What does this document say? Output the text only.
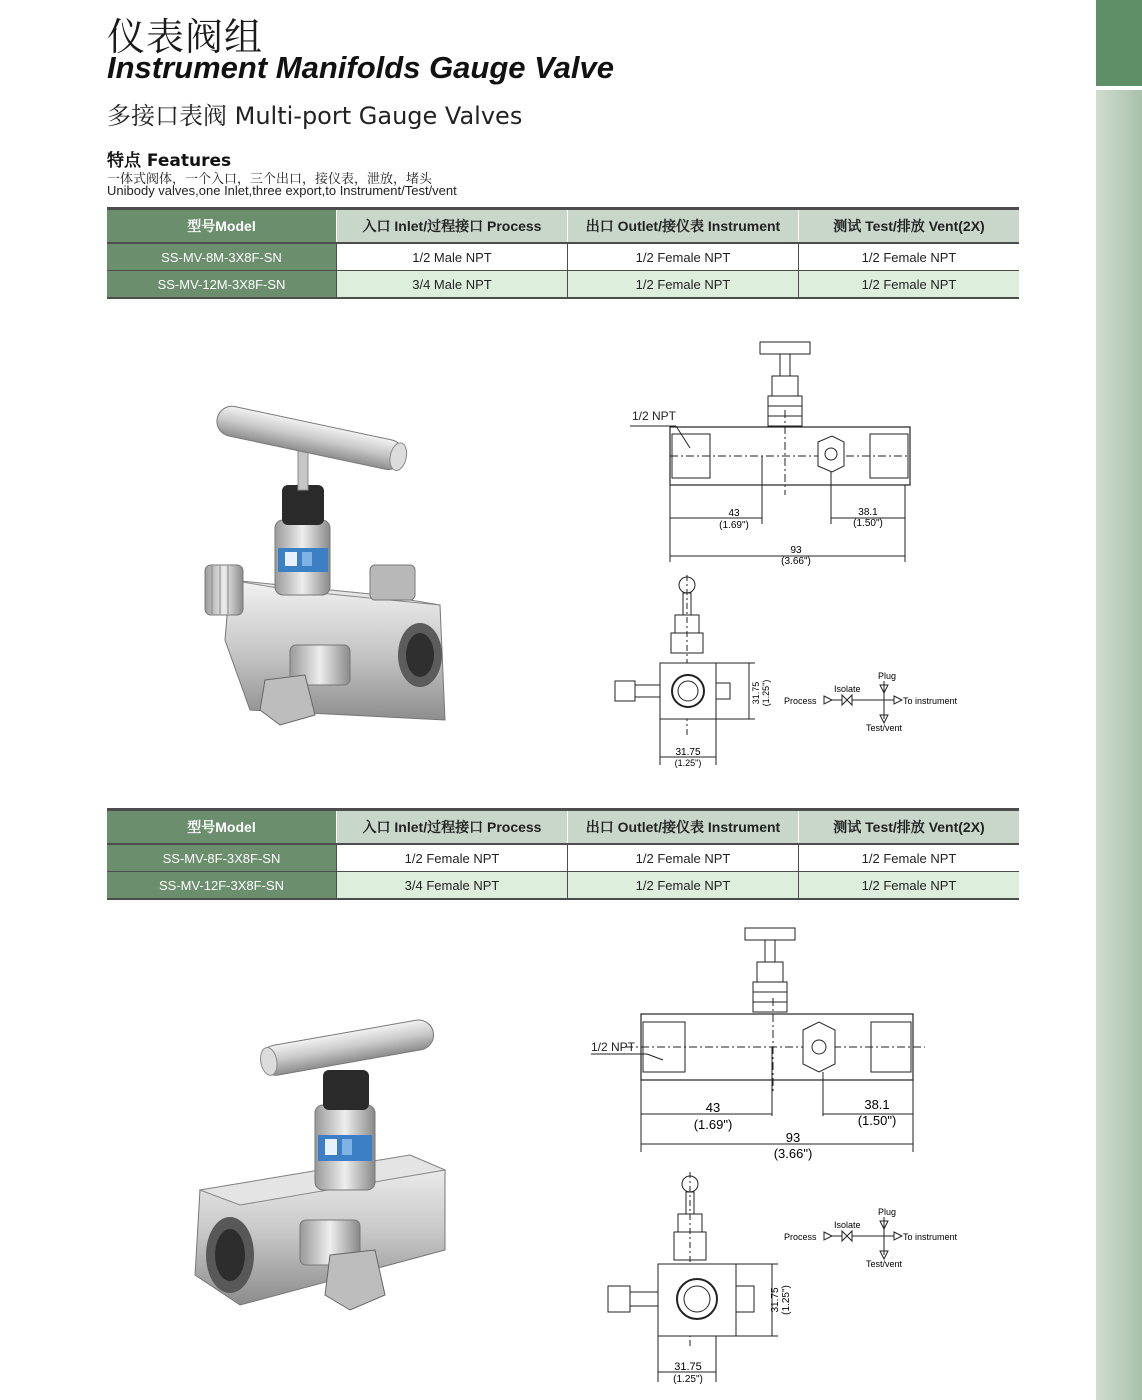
仪表阀组
Instrument Manifolds Gauge Valve
多接口表阀 Multi-port Gauge Valves
特点 Features
一体式阀体，一个入口，三个出口，接仪表，泄放，堵头
Unibody valves,one Inlet,three export,to Instrument/Test/vent
型号Model	入口 Inlet/过程接口 Process	出口 Outlet/接仪表 Instrument	测试 Test/排放 Vent(2X)
SS-MV-8M-3X8F-SN	1/2 Male NPT	1/2 Female NPT	1/2 Female NPT
SS-MV-12M-3X8F-SN	3/4 Male NPT	1/2 Female NPT	1/2 Female NPT
1/2 NPT
43
(1.69")
38.1
(1.50")
93
(3.66")
31.75 (1.25")
31.75
(1.25")
Plug
Isolate
Process	To instrument
Test/vent
型号Model	入口 Inlet/过程接口 Process	出口 Outlet/接仪表 Instrument	测试 Test/排放 Vent(2X)
SS-MV-8F-3X8F-SN	1/2 Female NPT	1/2 Female NPT	1/2 Female NPT
SS-MV-12F-3X8F-SN	3/4 Female NPT	1/2 Female NPT	1/2 Female NPT
1/2 NPT
43
(1.69")
38.1
(1.50")
93
(3.66")
31.75 (1.25")
31.75
(1.25")
Plug
Isolate
Process	To instrument
Test/vent
